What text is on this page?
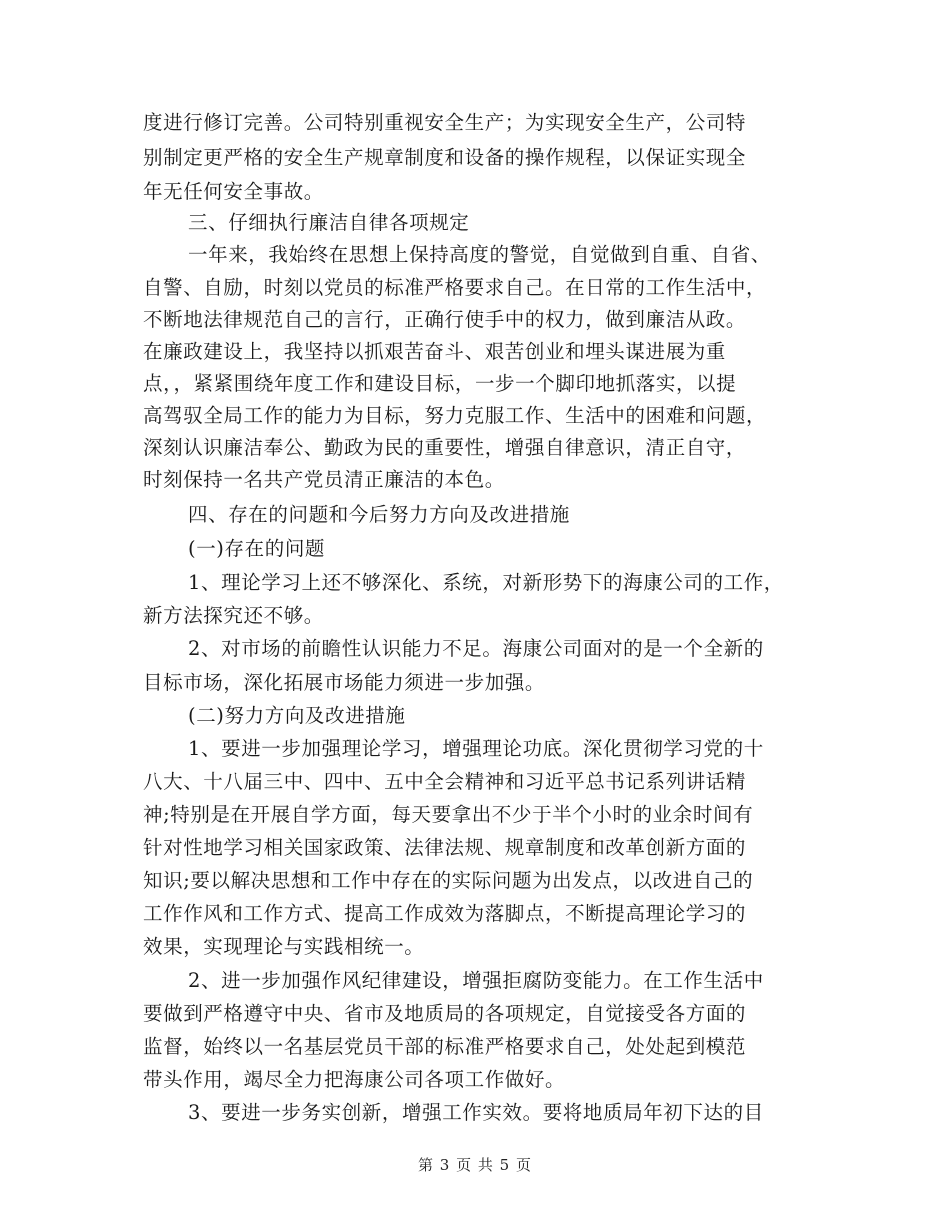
度进行修订完善。公司特别重视安全生产；为实现安全生产，公司特
别制定更严格的安全生产规章制度和设备的操作规程，以保证实现全
年无任何安全事故。
三、仔细执行廉洁自律各项规定
一年来，我始终在思想上保持高度的警觉，自觉做到自重、自省、
自警、自励，时刻以党员的标准严格要求自己。在日常的工作生活中，
不断地法律规范自己的言行，正确行使手中的权力，做到廉洁从政。
在廉政建设上，我坚持以抓艰苦奋斗、艰苦创业和埋头谋进展为重
点，，紧紧围绕年度工作和建设目标，一步一个脚印地抓落实，以提
高驾驭全局工作的能力为目标，努力克服工作、生活中的困难和问题，
深刻认识廉洁奉公、勤政为民的重要性，增强自律意识，清正自守，
时刻保持一名共产党员清正廉洁的本色。
四、存在的问题和今后努力方向及改进措施
(一)存在的问题
1、理论学习上还不够深化、系统，对新形势下的海康公司的工作，
新方法探究还不够。
2、对市场的前瞻性认识能力不足。海康公司面对的是一个全新的
目标市场，深化拓展市场能力须进一步加强。
(二)努力方向及改进措施
1、要进一步加强理论学习，增强理论功底。深化贯彻学习党的十
八大、十八届三中、四中、五中全会精神和习近平总书记系列讲话精
神;特别是在开展自学方面，每天要拿出不少于半个小时的业余时间有
针对性地学习相关国家政策、法律法规、规章制度和改革创新方面的
知识;要以解决思想和工作中存在的实际问题为出发点，以改进自己的
工作作风和工作方式、提高工作成效为落脚点，不断提高理论学习的
效果，实现理论与实践相统一。
2、进一步加强作风纪律建设，增强拒腐防变能力。在工作生活中
要做到严格遵守中央、省市及地质局的各项规定，自觉接受各方面的
监督，始终以一名基层党员干部的标准严格要求自己，处处起到模范
带头作用，竭尽全力把海康公司各项工作做好。
3、要进一步务实创新，增强工作实效。要将地质局年初下达的目
第 3 页 共 5 页
